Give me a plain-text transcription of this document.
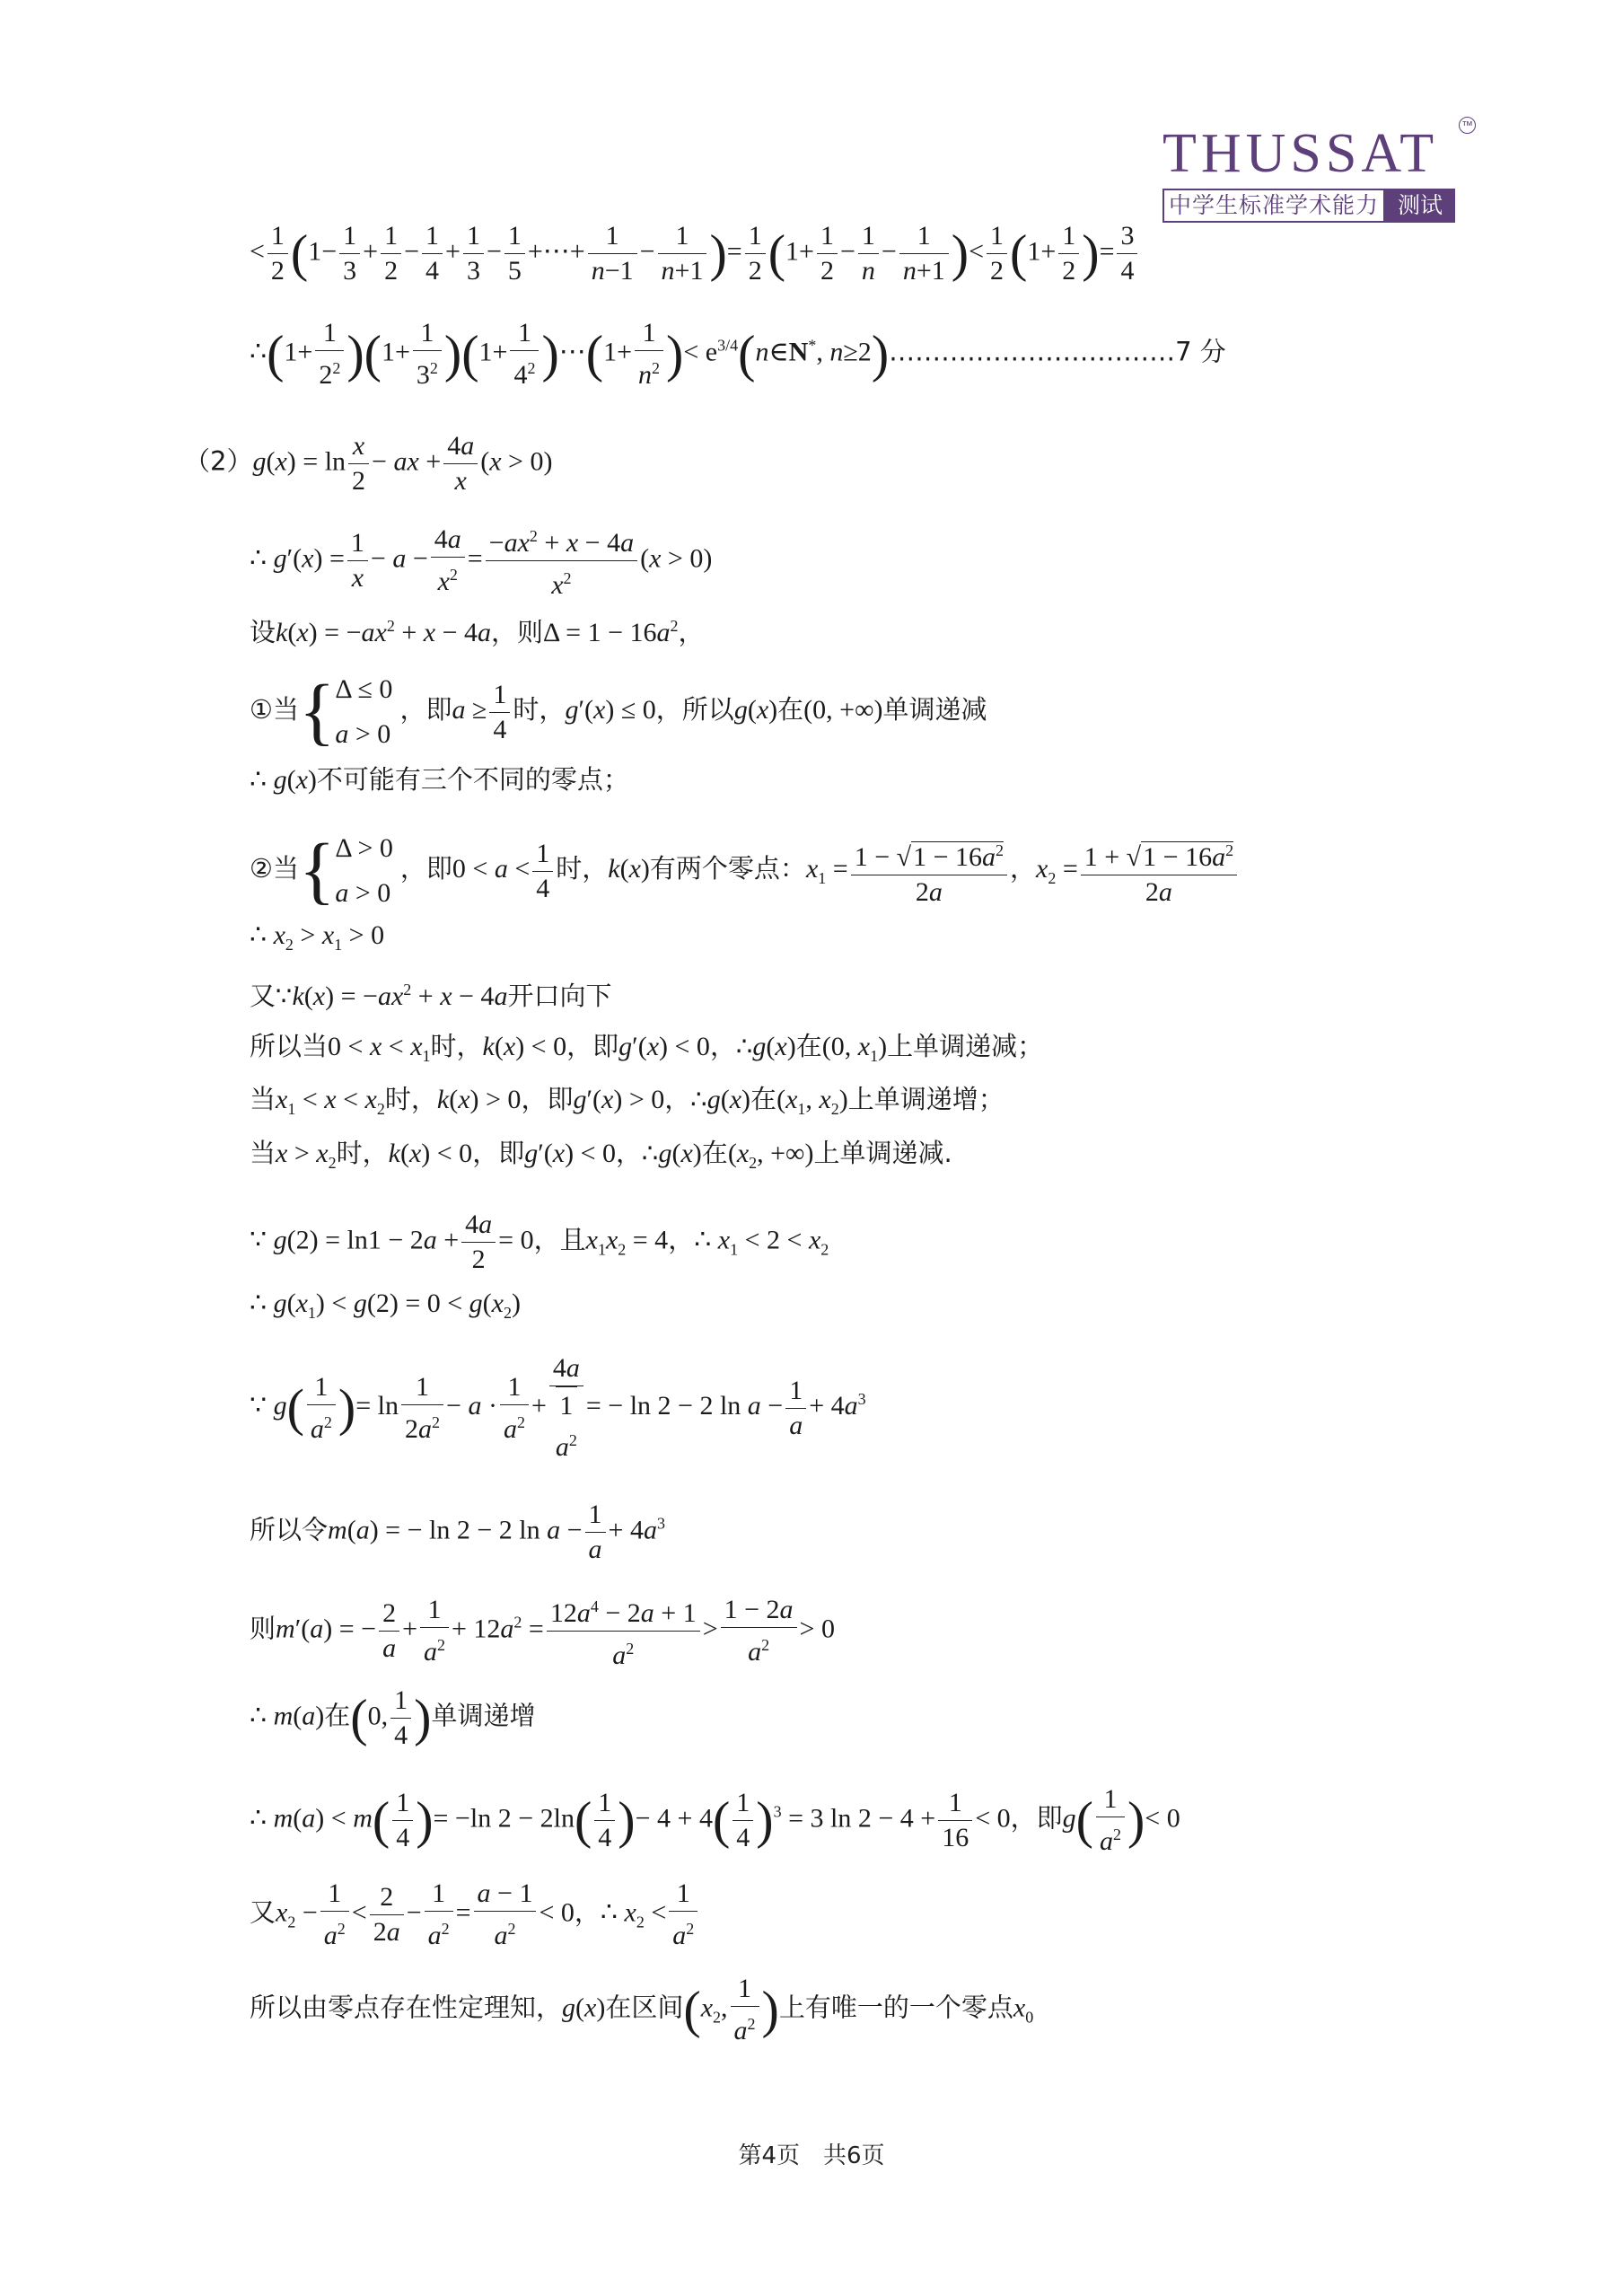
THUSSAT	™
中学生标准学术能力 测试
< $\frac{1}{2} (1- \frac{1}{3} + \frac{1}{2} - \frac{1}{4} + \frac{1}{3} - \frac{1}{5}$ +⋯+ $\frac{1}{n-1} - \frac{1}{n+1}$ )= $\frac{1}{2} (1+ \frac{1}{2} - \frac{1}{n} - \frac{1}{n+1}$ )< $\frac{1}{2} (1+ \frac{1}{2}$ )= $\frac{3}{4}$
∴(1+ $\frac{1}{2^2} )(1+ \frac{1}{3^2} )(1+ \frac{1}{4^2}$ )⋯(1+ $\frac{1}{n^2}$ )< $e^{3/4}(n\in N^*$, n≥2)……………………………7 分
$(2)g(x) = \ln \frac{x}{2}$ − ax + $\frac{4a}{x} (x > 0)$
∴ $g'(x) = \frac{1}{x} - a - \frac{4a}{x^2} = \frac{-ax^2 + x - 4a}{x^2} (x > 0)$
设$k(x) = -ax^2 + x - 4a$，则$\Delta = 1 - 16a^2$，
①当{Δ ≤ 0
a > 0，即$a \ge \frac{1}{4}$ 时，g′(x) ≤ 0，所以g(x)在(0, +∞)单调递减
∴ g(x)不可能有三个不同的零点；
②当{Δ > 0
a > 0，即$0 < a < \frac{1}{4}$ 时，k(x)有两个零点：$x_1 = \frac{1 - √1 - 16a^2}{2a}$ ，$x_2 = \frac{1 + √1 - 16a^2}{2a}$
∴ $x_2 > x_1 > 0$
又∵k(x) = $-ax^2 + x - 4a$开口向下
所以当$0 < x < x_1$时，k(x) < 0，即g′(x) < 0，∴g(x)在(0, $x_1$)上单调递减；
当$x_1 < x < x_2$时，k(x) > 0，即g′(x) > 0，∴g(x)在($x_1$, $x_2$)上单调递增；
当$x > x_2$时，k(x) < 0，即g′(x) < 0，∴g(x)在($x_2$, +∞)上单调递减.
∵ $g(2) = \ln 1 - 2a + \frac{4a}{2} = 0$，且$x_1x_2 = 4$，∴ $x_1 < 2 < x_2$
∴ $g(x_1) < g(2) = 0 < g(x_2)$
∵ $g( \frac{1}{a^2}$ )= $\ln \frac{1}{2a^2} - a \cdot \frac{1}{a^2}$ +
4a
1
$a^2$
= − ln 2 − 2 $\ln a - \frac{1}{a} + 4a^3$
所以令m(a) = − ln 2 − 2 $\ln a - \frac{1}{a} + 4a^3$
则m′(a) = − $\frac{2}{a} + \frac{1}{a^2} + 12a^2 = \frac{12a^4 - 2a + 1}{a^2} > \frac{1 - 2a}{a^2} > 0$
∴ m(a)在(0, $\frac{1}{4}$ )单调递增
∴ $m(a) < m( \frac{1}{4}$ )= −ln $2 - 2\ln( \frac{1}{4}$ )− $4 + 4( \frac{1}{4} )^3 = 3$ $\ln 2 - 4 + \frac{1}{16} < 0$，即$g( \frac{1}{a^2}$ )< 0
又$x_2 - \frac{1}{a^2} < \frac{2}{2a} - \frac{1}{a^2} = \frac{a - 1}{a^2} < 0$，∴ $x_2 < \frac{1}{a^2}$
所以由零点存在性定理知，g(x)在区间($x_2$, $\frac{1}{a^2}$ )上有唯一的一个零点$x_0$
第4页　共6页
